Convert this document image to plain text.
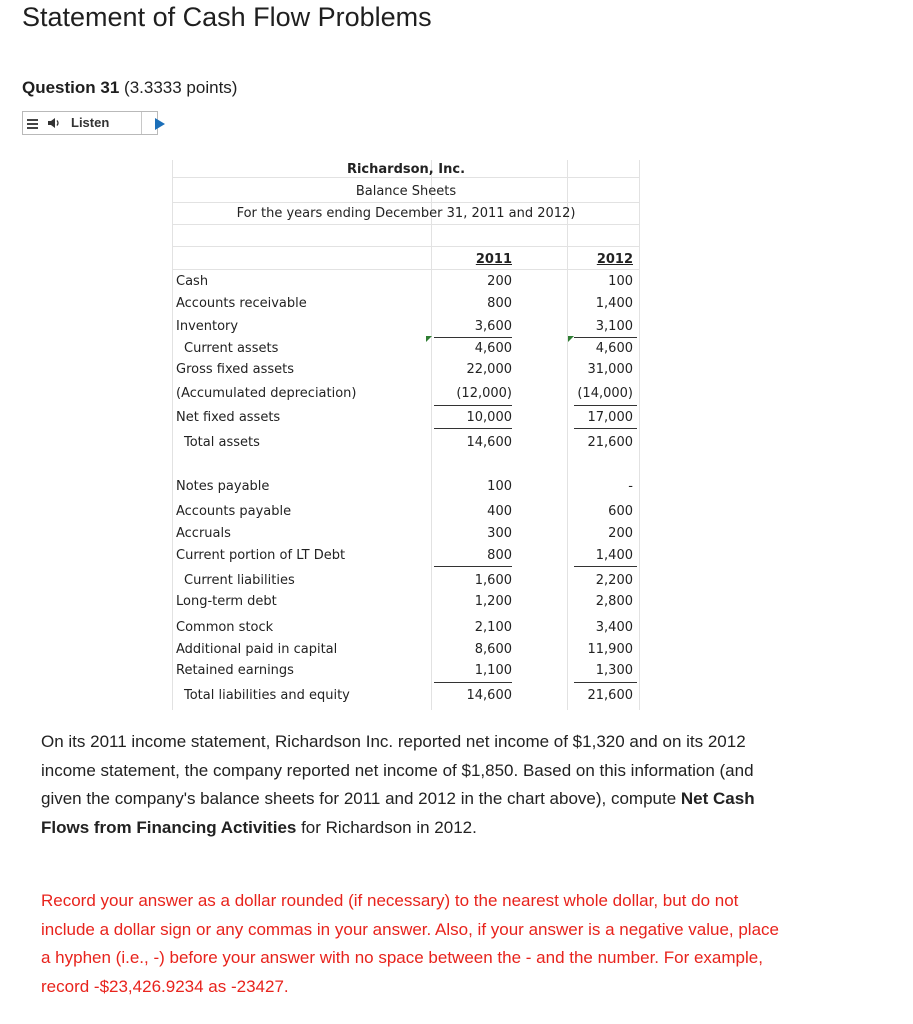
Statement of Cash Flow Problems
Question 31 (3.3333 points)
Listen
Richardson, Inc.
Balance Sheets
For the years ending December 31, 2011 and 2012)
2011	2012
Cash	200	100
Accounts receivable	800	1,400
Inventory	3,600	3,100
Current assets	4,600	4,600
Gross fixed assets	22,000	31,000
(Accumulated depreciation)	(12,000)	(14,000)
Net fixed assets	10,000	17,000
Total assets	14,600	21,600
Notes payable	100	-
Accounts payable	400	600
Accruals	300	200
Current portion of LT Debt	800	1,400
Current liabilities	1,600	2,200
Long-term debt	1,200	2,800
Common stock	2,100	3,400
Additional paid in capital	8,600	11,900
Retained earnings	1,100	1,300
Total liabilities and equity	14,600	21,600

On its 2011 income statement, Richardson Inc. reported net income of $1,320 and on its 2012 income statement, the company reported net income of $1,850. Based on this information (and given the company's balance sheets for 2011 and 2012 in the chart above), compute Net Cash Flows from Financing Activities for Richardson in 2012.

Record your answer as a dollar rounded (if necessary) to the nearest whole dollar, but do not include a dollar sign or any commas in your answer. Also, if your answer is a negative value, place a hyphen (i.e., -) before your answer with no space between the - and the number. For example, record -$23,426.9234 as -23427.
